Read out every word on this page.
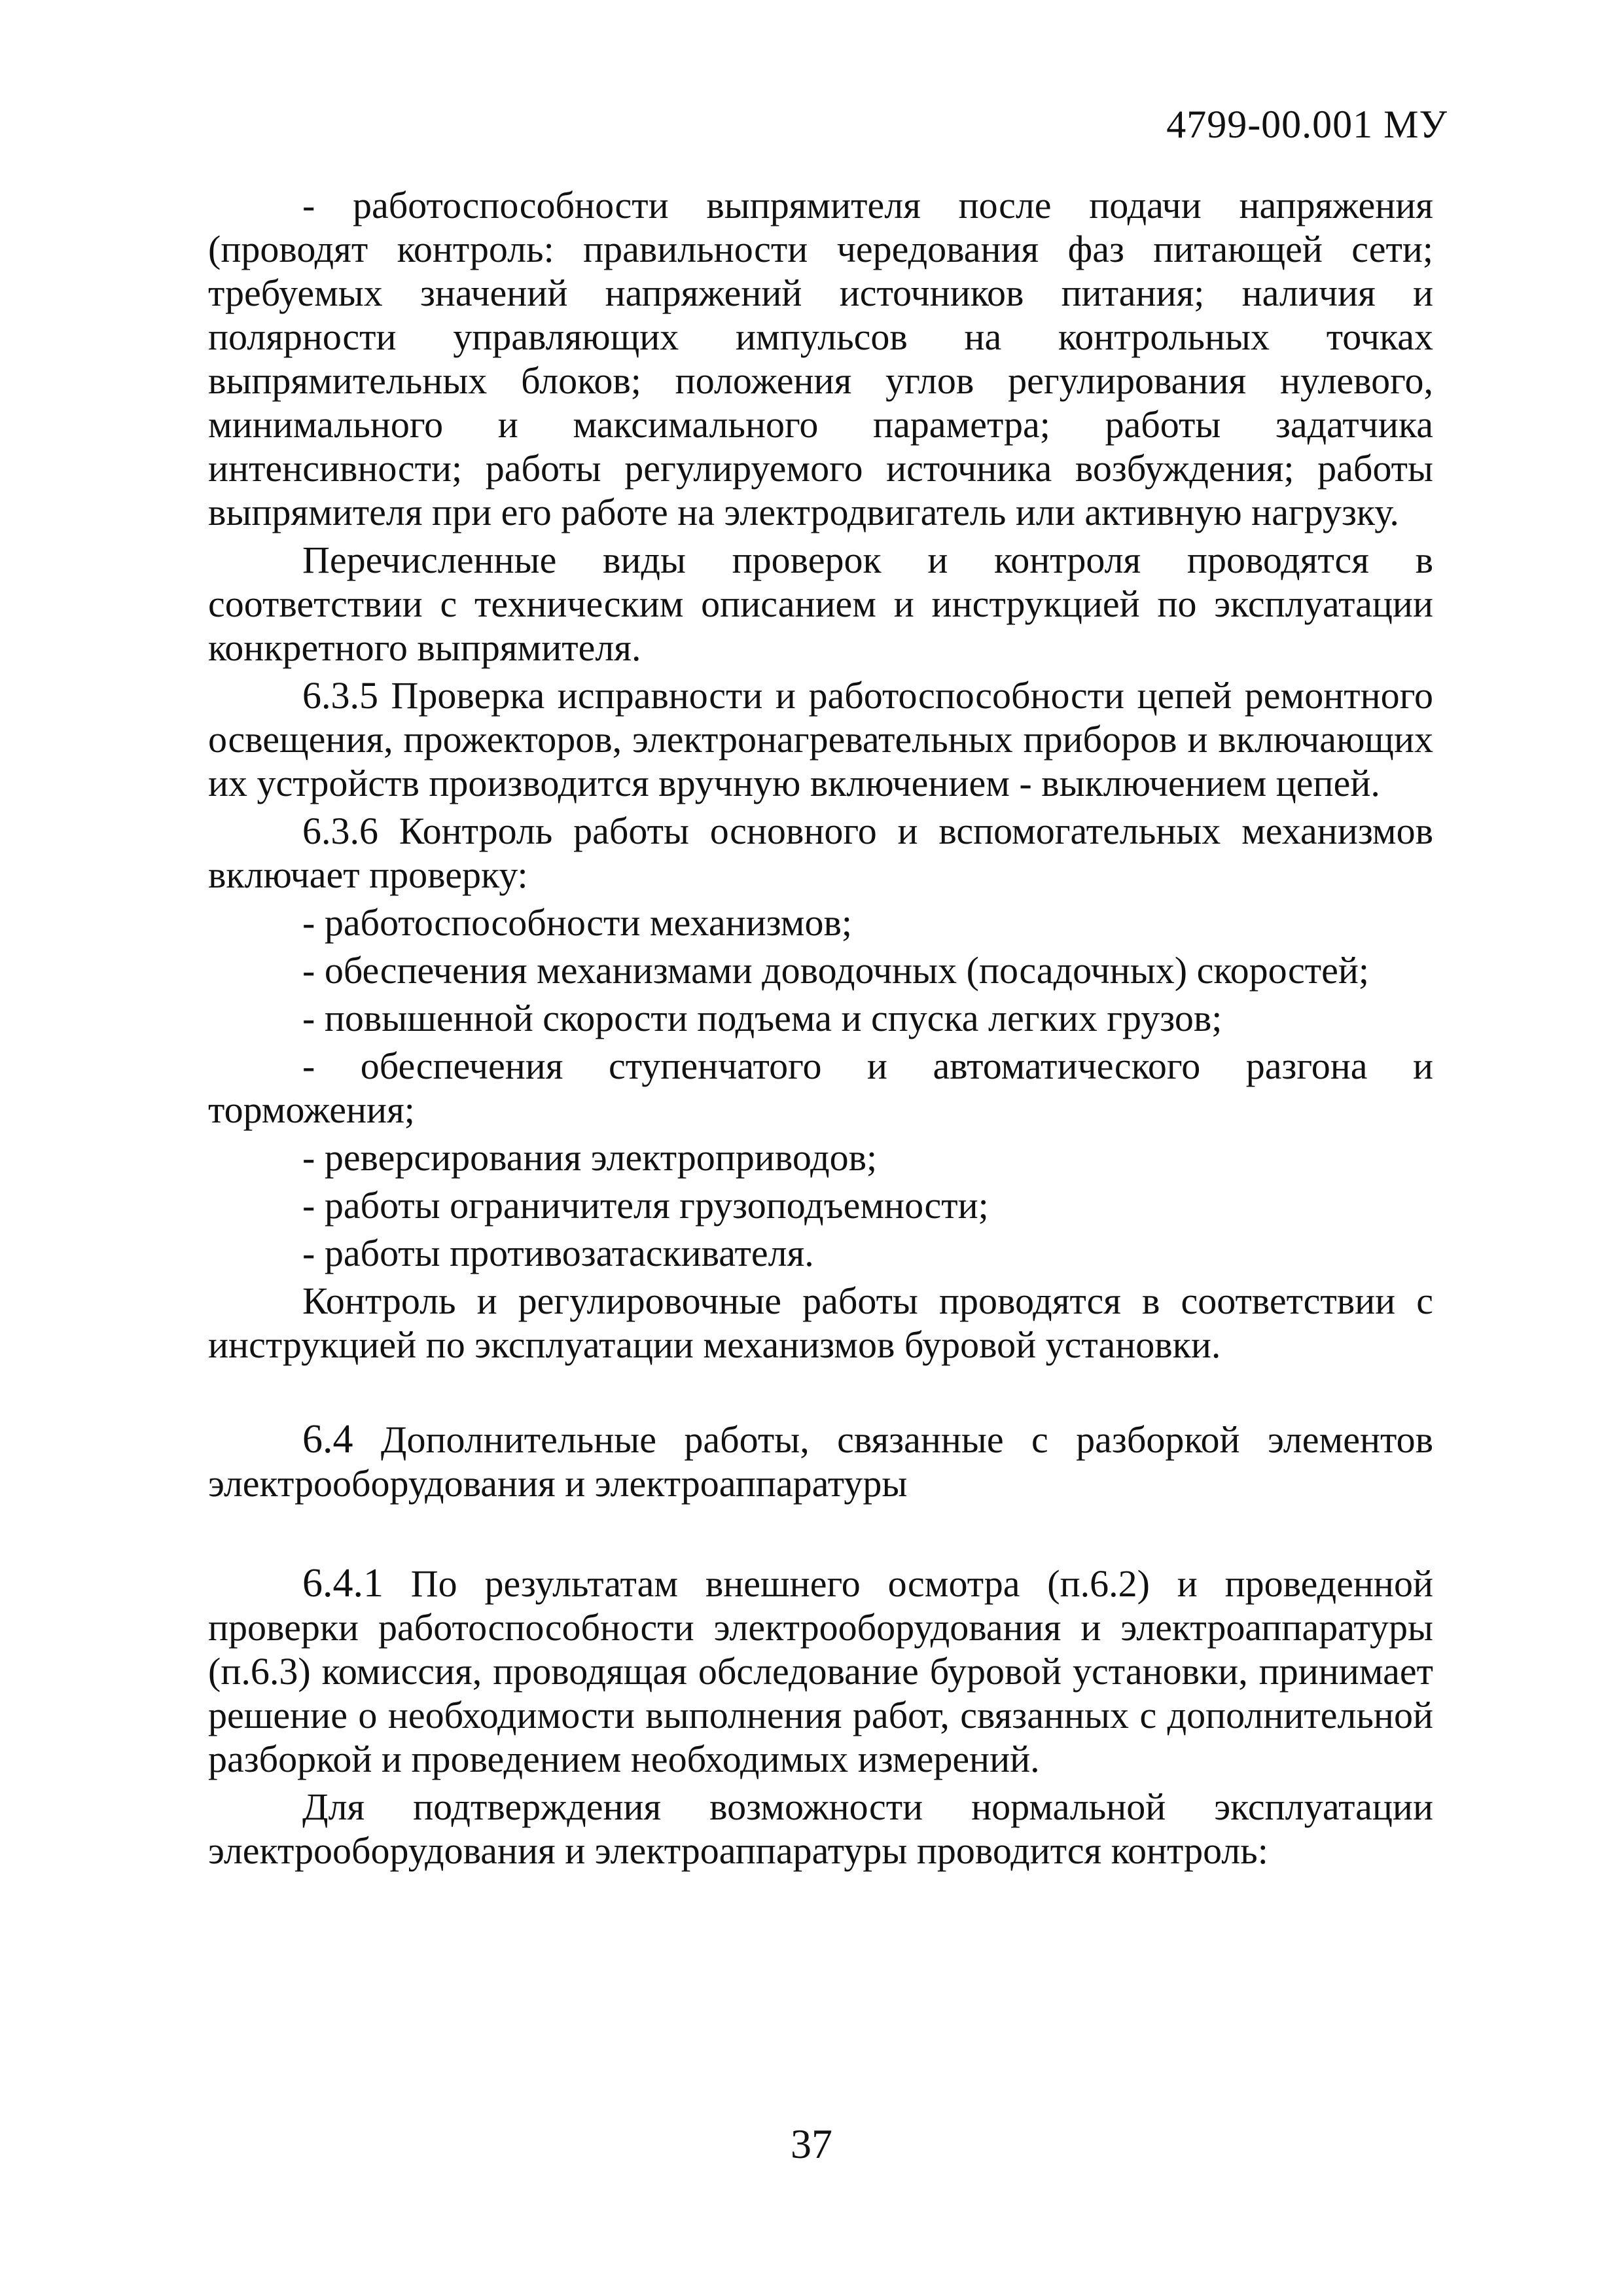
4799-00.001 МУ

- работоспособности выпрямителя после подачи напряжения (проводят контроль: правильности чередования фаз питающей сети; требуемых значений напряжений источников питания; наличия и полярности управляющих импульсов на контрольных точках выпрямительных блоков; положения углов регулирования нулевого, минимального и максимального параметра; работы задатчика интенсивности; работы регулируемого источника возбуждения; работы выпрямителя при его работе на электродвигатель или активную нагрузку.

Перечисленные виды проверок и контроля проводятся в соответствии с техническим описанием и инструкцией по эксплуатации конкретного выпрямителя.

6.3.5 Проверка исправности и работоспособности цепей ремонтного освещения, прожекторов, электронагревательных приборов и включающих их устройств производится вручную включением - выключением цепей.

6.3.6 Контроль работы основного и вспомогательных механизмов включает проверку:

- работоспособности механизмов;

- обеспечения механизмами доводочных (посадочных) скоростей;

- повышенной скорости подъема и спуска легких грузов;

- обеспечения ступенчатого и автоматического разгона и торможения;

- реверсирования электроприводов;

- работы ограничителя грузоподъемности;

- работы противозатаскивателя.

Контроль и регулировочные работы проводятся в соответствии с инструкцией по эксплуатации механизмов буровой установки.

6.4 Дополнительные работы, связанные с разборкой элементов электрооборудования и электроаппаратуры

6.4.1 По результатам внешнего осмотра (п.6.2) и проведенной проверки работоспособности электрооборудования и электроаппаратуры (п.6.3) комиссия, проводящая обследование буровой установки, принимает решение о необходимости выполнения работ, связанных с дополнительной разборкой и проведением необходимых измерений.

Для подтверждения возможности нормальной эксплуатации электрооборудования и электроаппаратуры проводится контроль:

37
